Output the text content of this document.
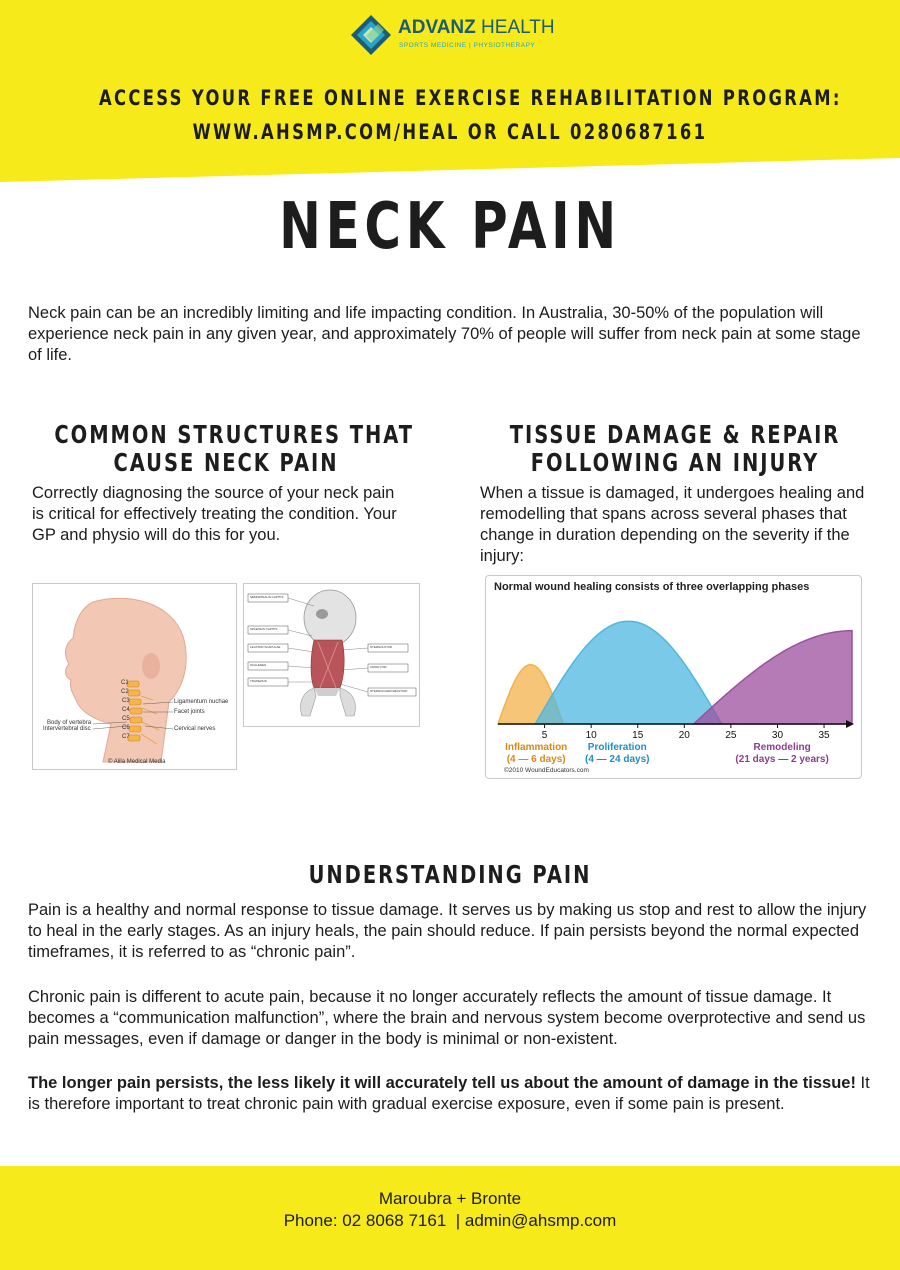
ADVANZ HEALTH
SPORTS MEDICINE | PHYSIOTHERAPY
ACCESS YOUR FREE ONLINE EXERCISE REHABILITATION PROGRAM:
WWW.AHSMP.COM/HEAL OR CALL 0280687161
NECK PAIN
Neck pain can be an incredibly limiting and life impacting condition. In Australia, 30-50% of the population will experience neck pain in any given year, and approximately 70% of people will suffer from neck pain at some stage of life.
COMMON STRUCTURES THAT
CAUSE NECK PAIN
Correctly diagnosing the source of your neck pain is critical for effectively treating the condition. Your GP and physio will do this for you.
TISSUE DAMAGE & REPAIR
FOLLOWING AN INJURY
When a tissue is damaged, it undergoes healing and remodelling that spans across several phases that change in duration depending on the severity if the injury:
Ligamentum nuchae
Facet joints
Cervical nerves
Body of vertebra
Intervertebral disc
C1
C2
C3
C4
C5
C6
C7
© Alila Medical Media
SEMISPINALIS CAPITIS
SPLENIUS CAPITIS
LEVATOR SCAPULAE
SCALENES
TRAPEZIUS
STERNOHYOID
OMOHYOID
STERNOCLEIDOMASTOID
Normal wound healing consists of three overlapping phases
5	10	15	20	25	30	35
Inflammation
(4 — 6 days)
Proliferation
(4 — 24 days)
Remodeling
(21 days — 2 years)
©2010 WoundEducators.com
UNDERSTANDING PAIN
Pain is a healthy and normal response to tissue damage. It serves us by making us stop and rest to allow the injury to heal in the early stages. As an injury heals, the pain should reduce. If pain persists beyond the normal expected timeframes, it is referred to as “chronic pain”.
Chronic pain is different to acute pain, because it no longer accurately reflects the amount of tissue damage. It becomes a “communication malfunction”, where the brain and nervous system become overprotective and send us pain messages, even if damage or danger in the body is minimal or non-existent.
The longer pain persists, the less likely it will accurately tell us about the amount of damage in the tissue! It is therefore important to treat chronic pain with gradual exercise exposure, even if some pain is present.
Maroubra + Bronte
Phone: 02 8068 7161  | admin@ahsmp.com
